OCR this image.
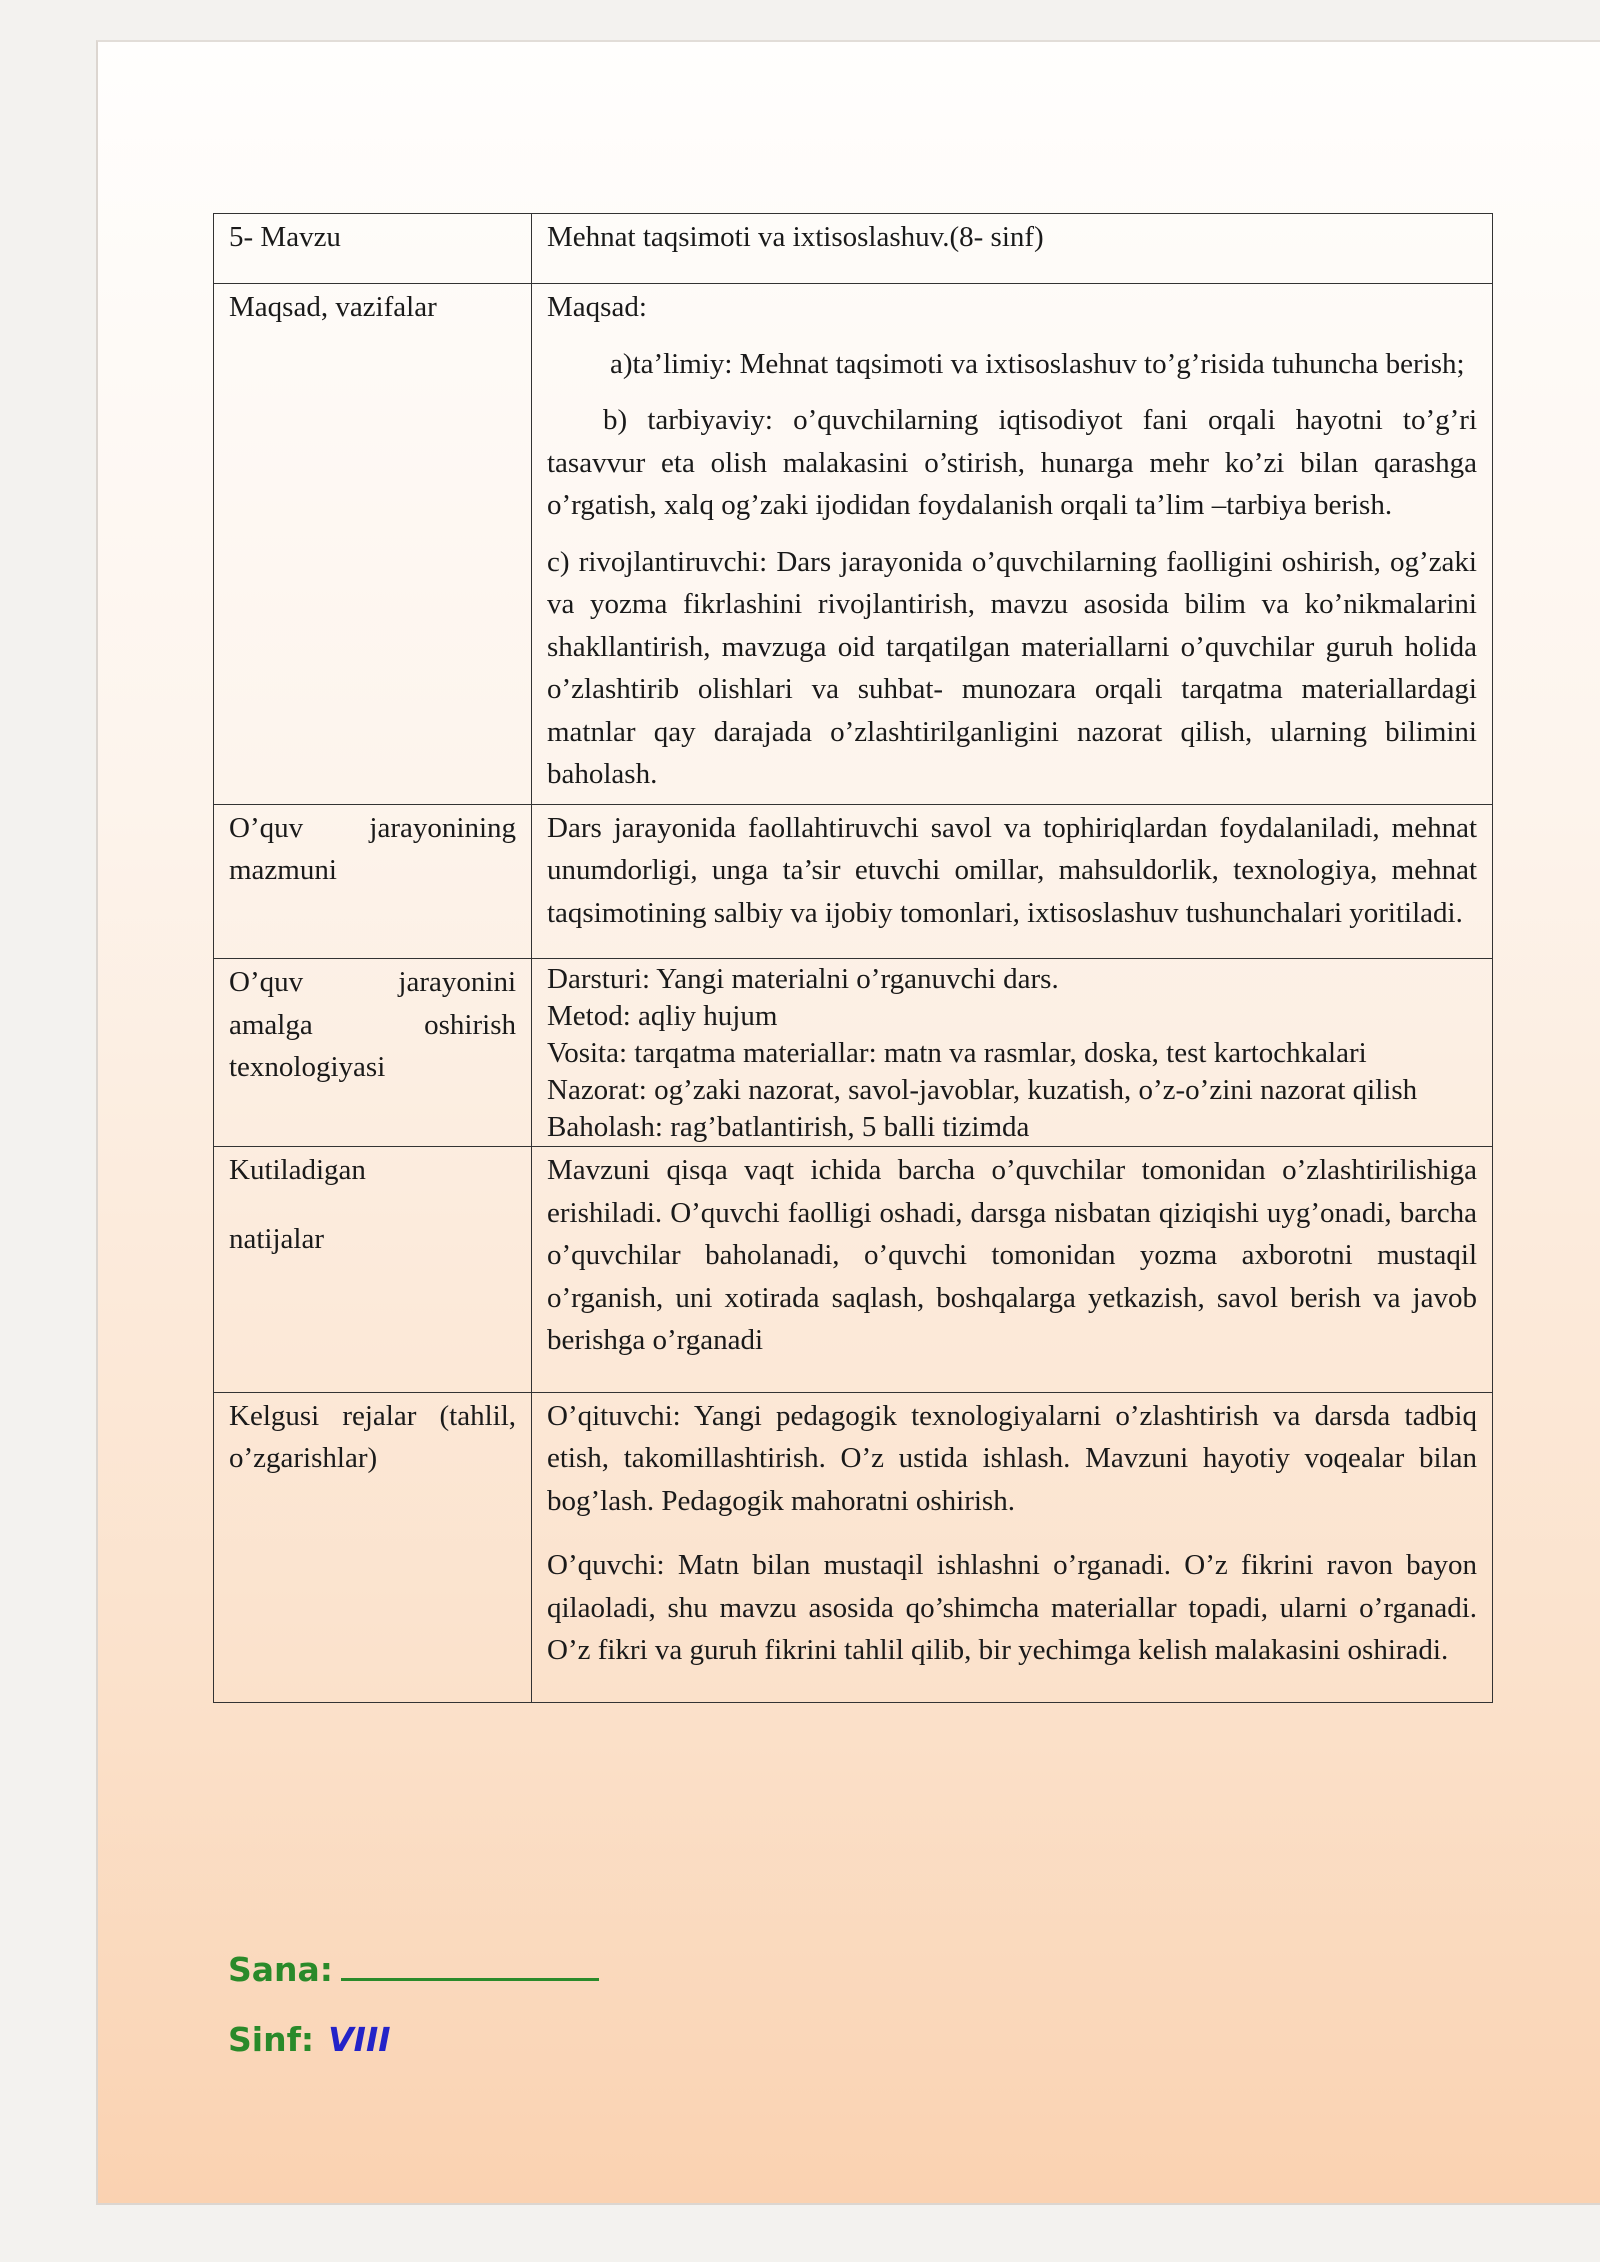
5- Mavzu	Mehnat taqsimoti va ixtisoslashuv.(8- sinf)
Maqsad, vazifalar	Maqsad:

a)ta’limiy: Mehnat taqsimoti va ixtisoslashuv to’g’risida tuhuncha berish;

b) tarbiyaviy: o’quvchilarning iqtisodiyot fani orqali hayotni to’g’ri tasavvur eta olish malakasini o’stirish, hunarga mehr ko’zi bilan qarashga o’rgatish, xalq og’zaki ijodidan foydalanish orqali ta’lim –tarbiya berish.

c) rivojlantiruvchi: Dars jarayonida o’quvchilarning faolligini oshirish, og’zaki va yozma fikrlashini rivojlantirish, mavzu asosida bilim va ko’nikmalarini shakllantirish, mavzuga oid tarqatilgan materiallarni o’quvchilar guruh holida o’zlashtirib olishlari va suhbat- munozara orqali tarqatma materiallardagi matnlar qay darajada o’zlashtirilganligini nazorat qilish, ularning bilimini baholash.

O’quv jarayonining mazmuni	Dars jarayonida faollahtiruvchi savol va tophiriqlardan foydalaniladi, mehnat unumdorligi, unga ta’sir etuvchi omillar, mahsuldorlik, texnologiya, mehnat taqsimotining salbiy va ijobiy tomonlari, ixtisoslashuv tushunchalari yoritiladi.
O’quv jarayonini amalga oshirish texnologiyasi	Darsturi: Yangi materialni o’rganuvchi dars.
Metod: aqliy hujum
Vosita: tarqatma materiallar: matn va rasmlar, doska, test kartochkalari
Nazorat: og’zaki nazorat, savol-javoblar, kuzatish, o’z-o’zini nazorat qilish
Baholash: rag’batlantirish, 5 balli tizimda

Kutiladigan
natijalar	Mavzuni qisqa vaqt ichida barcha o’quvchilar tomonidan o’zlashtirilishiga erishiladi. O’quvchi faolligi oshadi, darsga nisbatan qiziqishi uyg’onadi, barcha o’quvchilar baholanadi, o’quvchi tomonidan yozma axborotni mustaqil o’rganish, uni xotirada saqlash, boshqalarga yetkazish, savol berish va javob berishga o’rganadi
Kelgusi rejalar (tahlil, o’zgarishlar)	O’qituvchi: Yangi pedagogik texnologiyalarni o’zlashtirish va darsda tadbiq etish, takomillashtirish. O’z ustida ishlash. Mavzuni hayotiy voqealar bilan bog’lash. Pedagogik mahoratni oshirish.

O’quvchi: Matn bilan mustaqil ishlashni o’rganadi. O’z fikrini ravon bayon qilaoladi, shu mavzu asosida qo’shimcha materiallar topadi, ularni o’rganadi. O’z fikri va guruh fikrini tahlil qilib, bir yechimga kelish malakasini oshiradi.

Sana:
Sinf: VIII
